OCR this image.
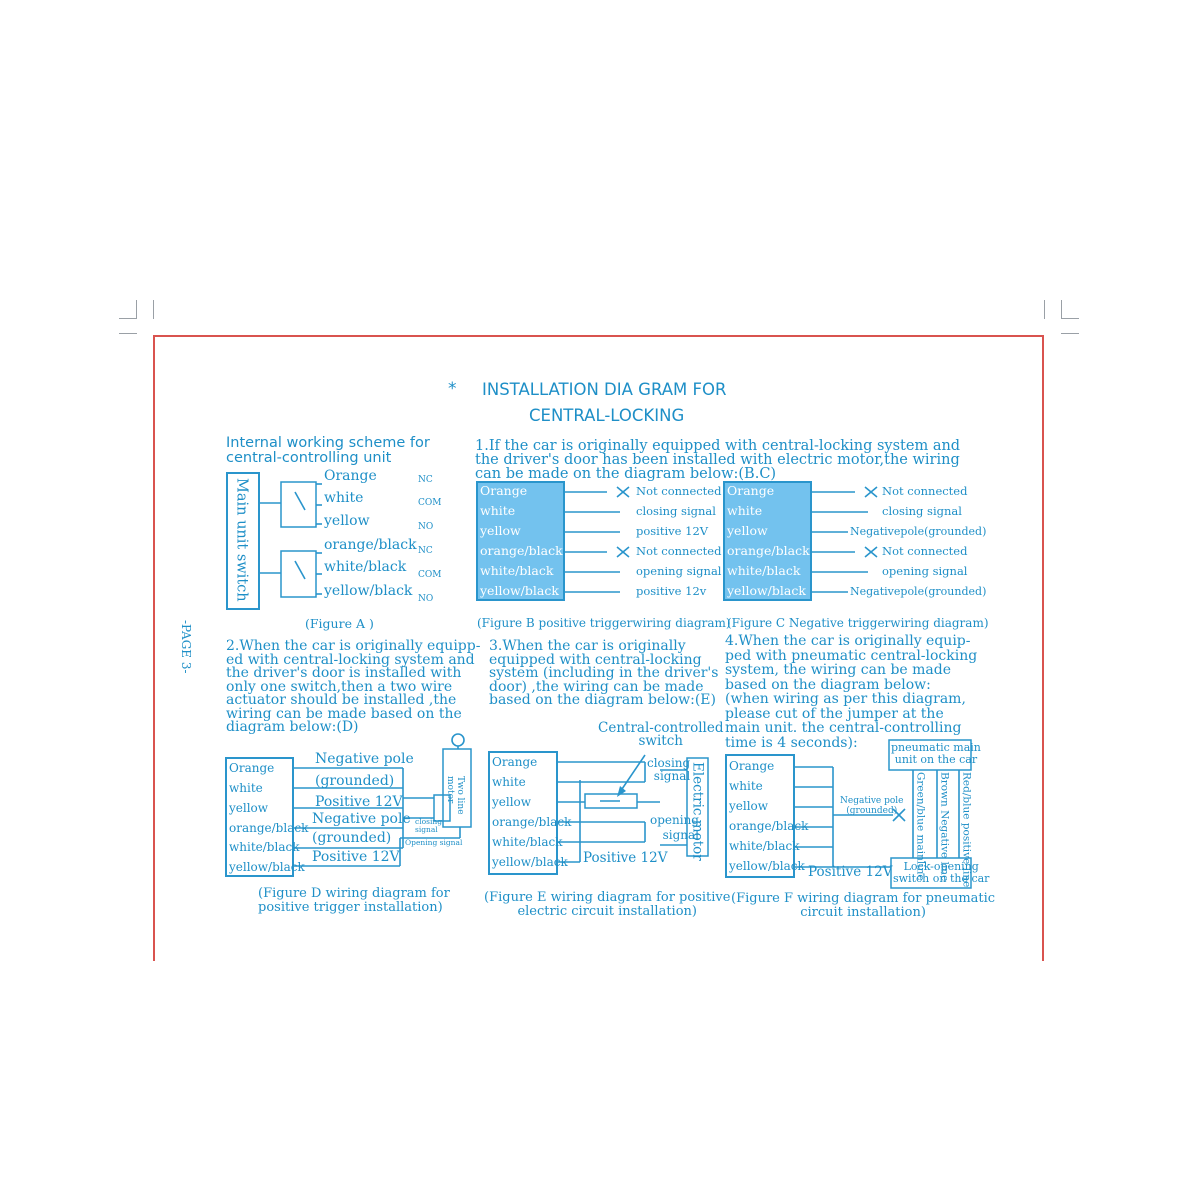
* INSTALLATION DIA GRAM FOR
CENTRAL-LOCKING
-PAGE 3-
Internal working scheme for
central-controlling unit
Main unit switch
Orange
white
yellow
orange/black
white/black
yellow/black
NC
COM
NO
NC
COM
NO
(Figure A )
1.If the car is originally equipped with central-locking system and
the driver's door has been installed with electric motor,the wiring
can be made on the diagram below:(B.C)
Orange
white
yellow
orange/black
white/black
yellow/black
Not connected
closing signal
positive 12V
Not connected
opening signal
positive 12v
(Figure B positive triggerwiring diagram)
Orange
white
yellow
orange/black
white/black
yellow/black
Not connected
closing signal
Negativepole(grounded)
Not connected
opening signal
Negativepole(grounded)
(Figure C Negative triggerwiring diagram)
2.When the car is originally equipp-
ed with central-locking system and
the driver's door is installed with
only one switch,then a two wire
actuator should be installed ,the
wiring can be made based on the
diagram below:(D)
3.When the car is originally
equipped with central-locking
system (including in the driver's
door) ,the wiring can be made
based on the diagram below:(E)
4.When the car is originally equip-
ped with pneumatic central-locking
system, the wiring can be made
based on the diagram below:
(when wiring as per this diagram,
please cut of the jumper at the
main unit. the central-controlling
time is 4 seconds):
Orange
white
yellow
orange/black
white/black
yellow/black
Negative pole
(grounded)
Positive 12V
Negative pole
(grounded)
Positive 12V
Two line
motor
closing
signal
Opening signal
(Figure D wiring diagram for
positive trigger installation)
Orange
white
yellow
orange/black
white/black
yellow/black
Central-controlled
switch
closing
signal
opening
signal
Positive 12V Electric motor
(Figure E wiring diagram for positive
electric circuit installation)
Orange
white
yellow
orange/black
white/black
yellow/black
pneumatic main
unit on the car
Negative pole
(grounded)	Green/blue mainline Brown Negative line Red/blue positive line
Positive 12V	Lock-opening
switch on the car
(Figure F wiring diagram for pneumatic
circuit installation)
